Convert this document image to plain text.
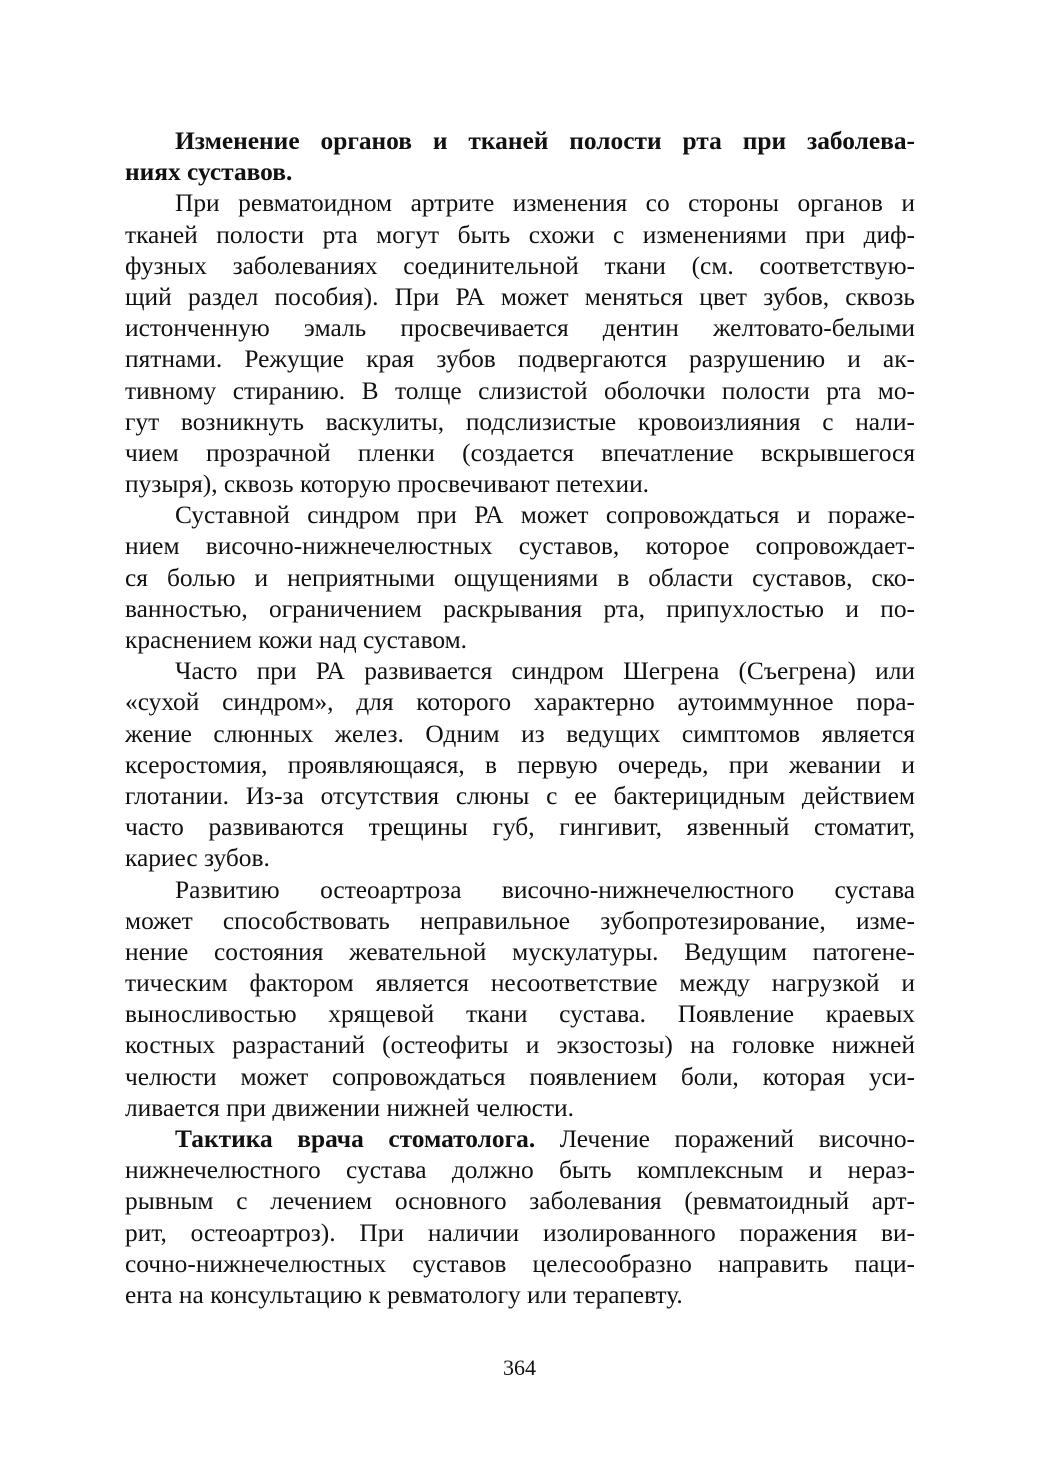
Изменение органов и тканей полости рта при заболева-
ниях суставов.
При ревматоидном артрите изменения со стороны органов и
тканей полости рта могут быть схожи с изменениями при диф-
фузных заболеваниях соединительной ткани (см. соответствую-
щий раздел пособия). При РА может меняться цвет зубов, сквозь
истонченную эмаль просвечивается дентин желтовато-белыми
пятнами. Режущие края зубов подвергаются разрушению и ак-
тивному стиранию. В толще слизистой оболочки полости рта мо-
гут возникнуть васкулиты, подслизистые кровоизлияния с нали-
чием прозрачной пленки (создается впечатление вскрывшегося
пузыря), сквозь которую просвечивают петехии.
Суставной синдром при РА может сопровождаться и пораже-
нием височно-нижнечелюстных суставов, которое сопровождает-
ся болью и неприятными ощущениями в области суставов, ско-
ванностью, ограничением раскрывания рта, припухлостью и по-
краснением кожи над суставом.
Часто при РА развивается синдром Шегрена (Съегрена) или
«сухой синдром», для которого характерно аутоиммунное пора-
жение слюнных желез. Одним из ведущих симптомов является
ксеростомия, проявляющаяся, в первую очередь, при жевании и
глотании. Из-за отсутствия слюны с ее бактерицидным действием
часто развиваются трещины губ, гингивит, язвенный стоматит,
кариес зубов.
Развитию остеоартроза височно-нижнечелюстного сустава
может способствовать неправильное зубопротезирование, изме-
нение состояния жевательной мускулатуры. Ведущим патогене-
тическим фактором является несоответствие между нагрузкой и
выносливостью хрящевой ткани сустава. Появление краевых
костных разрастаний (остеофиты и экзостозы) на головке нижней
челюсти может сопровождаться появлением боли, которая уси-
ливается при движении нижней челюсти.
Тактика врача стоматолога. Лечение поражений височно-
нижнечелюстного сустава должно быть комплексным и нераз-
рывным с лечением основного заболевания (ревматоидный арт-
рит, остеоартроз). При наличии изолированного поражения ви-
сочно-нижнечелюстных суставов целесообразно направить паци-
ента на консультацию к ревматологу или терапевту.
364
